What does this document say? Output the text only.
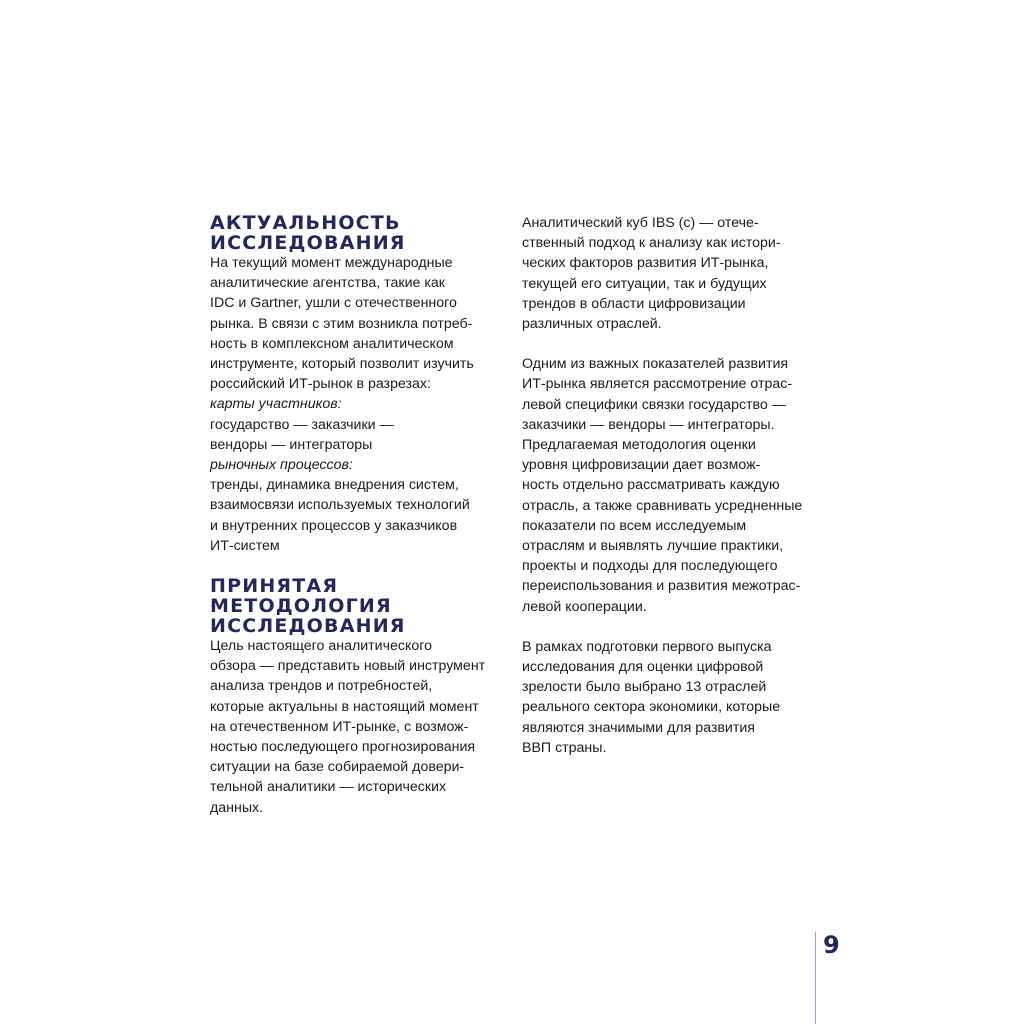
АКТУАЛЬНОСТЬ
ИССЛЕДОВАНИЯ
На текущий момент международные
аналитические агентства, такие как
IDC и Gartner, ушли с отечественного
рынка. В связи с этим возникла потреб-
ность в комплексном аналитическом
инструменте, который позволит изучить
российский ИТ-рынок в разрезах:
карты участников:
государство — заказчики —
вендоры — интеграторы
рыночных процессов:
тренды, динамика внедрения систем,
взаимосвязи используемых технологий
и внутренних процессов у заказчиков
ИТ-систем
ПРИНЯТАЯ
МЕТОДОЛОГИЯ
ИССЛЕДОВАНИЯ
Цель настоящего аналитического
обзора — представить новый инструмент
анализа трендов и потребностей,
которые актуальны в настоящий момент
на отечественном ИТ-рынке, с возмож-
ностью последующего прогнозирования
ситуации на базе собираемой довери-
тельной аналитики — исторических
данных.
Аналитический куб IBS (c) — отече-
ственный подход к анализу как истори-
ческих факторов развития ИТ-рынка,
текущей его ситуации, так и будущих
трендов в области цифровизации
различных отраслей.
Одним из важных показателей развития
ИТ-рынка является рассмотрение отрас-
левой специфики связки государство —
заказчики — вендоры — интеграторы.
Предлагаемая методология оценки
уровня цифровизации дает возмож-
ность отдельно рассматривать каждую
отрасль, а также сравнивать усредненные
показатели по всем исследуемым
отраслям и выявлять лучшие практики,
проекты и подходы для последующего
переиспользования и развития межотрас-
левой кооперации.
В рамках подготовки первого выпуска
исследования для оценки цифровой
зрелости было выбрано 13 отраслей
реального сектора экономики, которые
являются значимыми для развития
ВВП страны.
9
